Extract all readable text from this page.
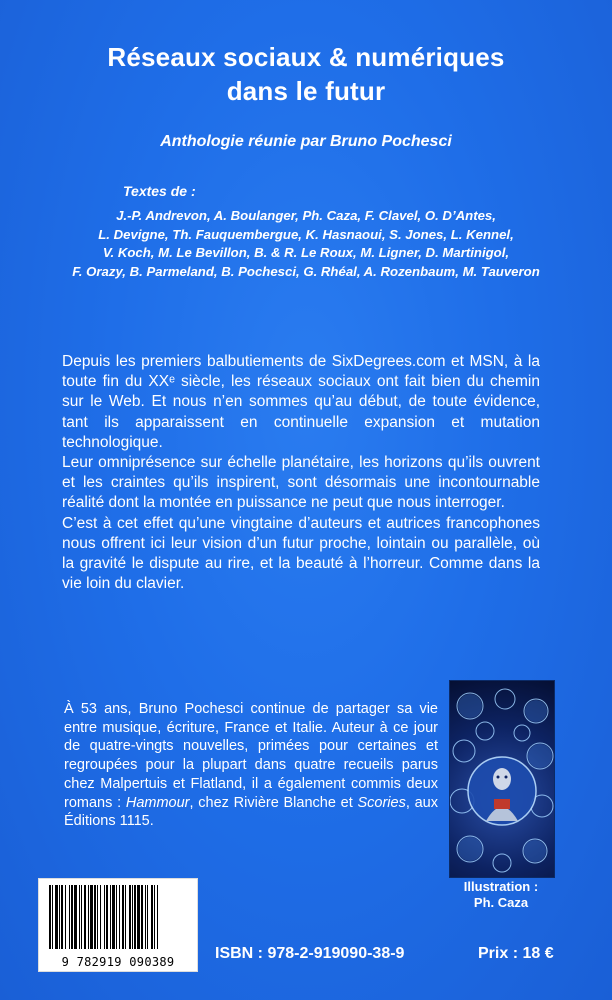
Réseaux sociaux & numériques
dans le futur
Anthologie réunie par Bruno Pochesci
Textes de :
J.-P. Andrevon, A. Boulanger, Ph. Caza, F. Clavel, O. D’Antes,
L. Devigne, Th. Fauquembergue, K. Hasnaoui, S. Jones, L. Kennel,
V. Koch, M. Le Bevillon, B. & R. Le Roux, M. Ligner, D. Martinigol,
F. Orazy, B. Parmeland, B. Pochesci, G. Rhéal, A. Rozenbaum, M. Tauveron

Depuis les premiers balbutiements de SixDegrees.com et MSN, à la toute fin du XXᵉ siècle, les réseaux sociaux ont fait bien du chemin sur le Web. Et nous n’en sommes qu’au début, de toute évidence, tant ils apparaissent en continuelle expansion et mutation technologique.

Leur omniprésence sur échelle planétaire, les horizons qu’ils ouvrent et les craintes qu’ils inspirent, sont désormais une incontournable réalité dont la montée en puissance ne peut que nous interroger.

C’est à cet effet qu’une vingtaine d’auteurs et autrices francophones nous offrent ici leur vision d’un futur proche, lointain ou parallèle, où la gravité le dispute au rire, et la beauté à l’horreur. Comme dans la vie loin du clavier.

À 53 ans, Bruno Pochesci continue de partager sa vie entre musique, écriture, France et Italie. Auteur à ce jour de quatre-vingts nouvelles, primées pour certaines et regroupées pour la plupart dans quatre recueils parus chez Malpertuis et Flatland, il a également commis deux romans : Hammour, chez Rivière Blanche et Scories, aux Éditions 1115.
Illustration :
Ph. Caza
9 782919 090389	ISBN : 978-2-919090-38-9	Prix : 18 €
